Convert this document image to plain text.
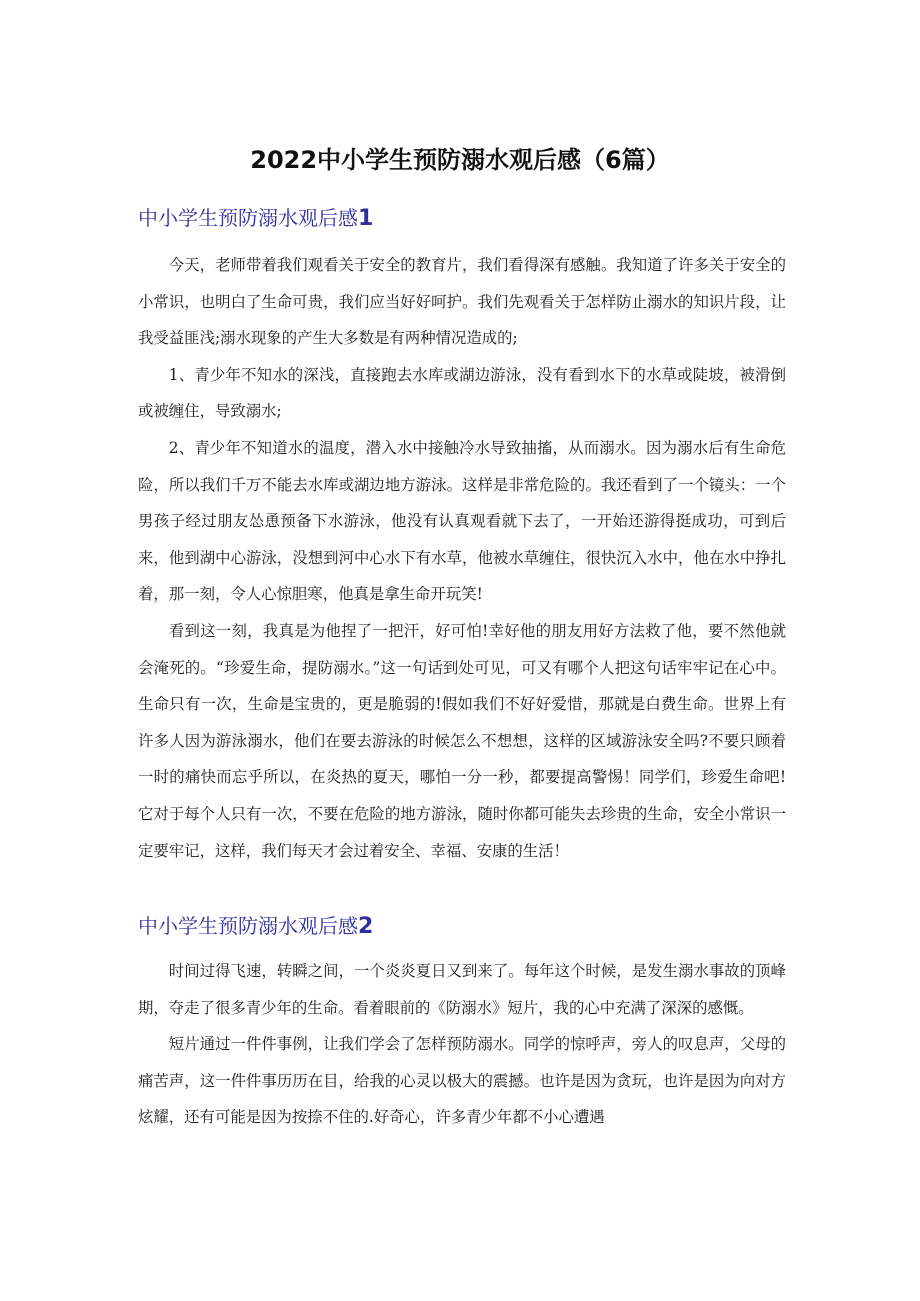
2022中小学生预防溺水观后感（6篇）
中小学生预防溺水观后感1

今天，老师带着我们观看关于安全的教育片，我们看得深有感触。我知道了许多关于安全的小常识，也明白了生命可贵，我们应当好好呵护。我们先观看关于怎样防止溺水的知识片段，让我受益匪浅;溺水现象的产生大多数是有两种情况造成的;

1、青少年不知水的深浅，直接跑去水库或湖边游泳，没有看到水下的水草或陡坡，被滑倒或被缠住，导致溺水;

2、青少年不知道水的温度，潜入水中接触冷水导致抽搐，从而溺水。因为溺水后有生命危险，所以我们千万不能去水库或湖边地方游泳。这样是非常危险的。我还看到了一个镜头：一个男孩子经过朋友怂恿预备下水游泳，他没有认真观看就下去了，一开始还游得挺成功，可到后来，他到湖中心游泳，没想到河中心水下有水草，他被水草缠住，很快沉入水中，他在水中挣扎着，那一刻，令人心惊胆寒，他真是拿生命开玩笑!

看到这一刻，我真是为他捏了一把汗，好可怕!幸好他的朋友用好方法救了他，要不然他就会淹死的。“珍爱生命，提防溺水。”这一句话到处可见，可又有哪个人把这句话牢牢记在心中。生命只有一次，生命是宝贵的，更是脆弱的!假如我们不好好爱惜，那就是白费生命。世界上有许多人因为游泳溺水，他们在要去游泳的时候怎么不想想，这样的区域游泳安全吗?不要只顾着一时的痛快而忘乎所以，在炎热的夏天，哪怕一分一秒，都要提高警惕！同学们，珍爱生命吧!它对于每个人只有一次，不要在危险的地方游泳，随时你都可能失去珍贵的生命，安全小常识一定要牢记，这样，我们每天才会过着安全、幸福、安康的生活！

中小学生预防溺水观后感2

时间过得飞速，转瞬之间，一个炎炎夏日又到来了。每年这个时候，是发生溺水事故的顶峰期，夺走了很多青少年的生命。看着眼前的《防溺水》短片，我的心中充满了深深的感慨。

短片通过一件件事例，让我们学会了怎样预防溺水。同学的惊呼声，旁人的叹息声，父母的痛苦声，这一件件事历历在目，给我的心灵以极大的震撼。也许是因为贪玩，也许是因为向对方炫耀，还有可能是因为按捺不住的.好奇心，许多青少年都不小心遭遇
